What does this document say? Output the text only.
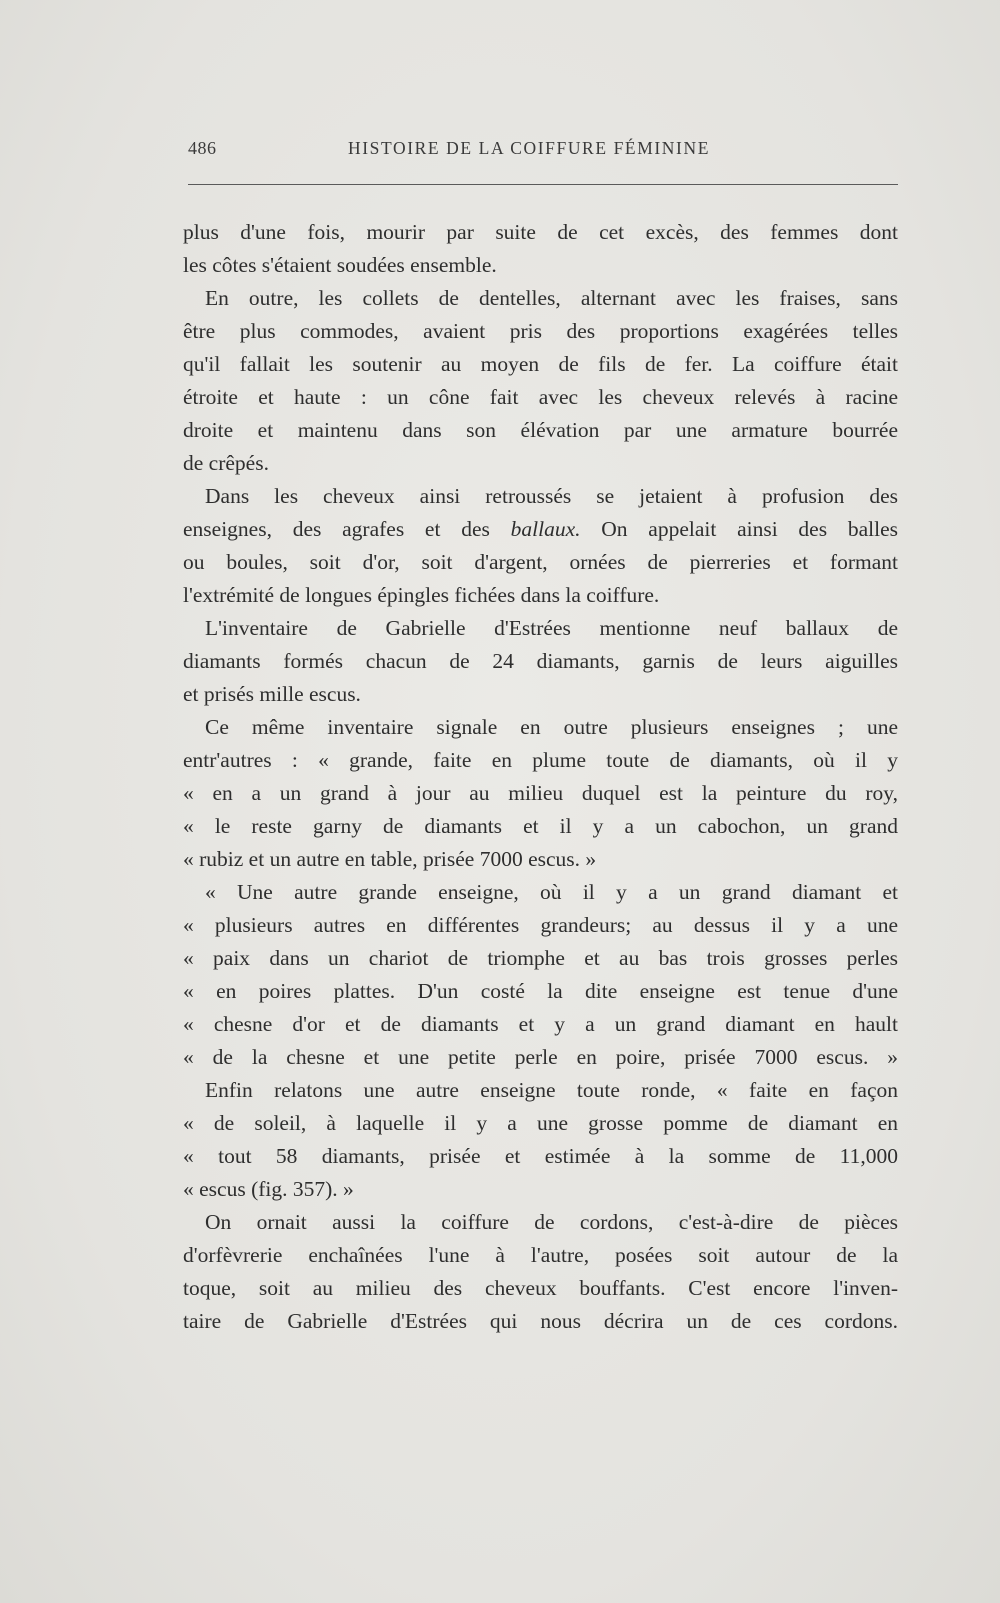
486	HISTOIRE DE LA COIFFURE FÉMININE
plus d'une fois, mourir par suite de cet excès, des femmes dont
les côtes s'étaient soudées ensemble.
En outre, les collets de dentelles, alternant avec les fraises, sans
être plus commodes, avaient pris des proportions exagérées telles
qu'il fallait les soutenir au moyen de fils de fer. La coiffure était
étroite et haute : un cône fait avec les cheveux relevés à racine
droite et maintenu dans son élévation par une armature bourrée
de crêpés.
Dans les cheveux ainsi retroussés se jetaient à profusion des
enseignes, des agrafes et des ballaux. On appelait ainsi des balles
ou boules, soit d'or, soit d'argent, ornées de pierreries et formant
l'extrémité de longues épingles fichées dans la coiffure.
L'inventaire de Gabrielle d'Estrées mentionne neuf ballaux de
diamants formés chacun de 24 diamants, garnis de leurs aiguilles
et prisés mille escus.
Ce même inventaire signale en outre plusieurs enseignes ; une
entr'autres : « grande, faite en plume toute de diamants, où il y
« en a un grand à jour au milieu duquel est la peinture du roy,
« le reste garny de diamants et il y a un cabochon, un grand
« rubiz et un autre en table, prisée 7000 escus. »
« Une autre grande enseigne, où il y a un grand diamant et
« plusieurs autres en différentes grandeurs; au dessus il y a une
« paix dans un chariot de triomphe et au bas trois grosses perles
« en poires plattes. D'un costé la dite enseigne est tenue d'une
« chesne d'or et de diamants et y a un grand diamant en hault
« de la chesne et une petite perle en poire, prisée 7000 escus. »
Enfin relatons une autre enseigne toute ronde, « faite en façon
« de soleil, à laquelle il y a une grosse pomme de diamant en
« tout 58 diamants, prisée et estimée à la somme de 11,000
« escus (fig. 357). »
On ornait aussi la coiffure de cordons, c'est-à-dire de pièces
d'orfèvrerie enchaînées l'une à l'autre, posées soit autour de la
toque, soit au milieu des cheveux bouffants. C'est encore l'inven-
taire de Gabrielle d'Estrées qui nous décrira un de ces cordons.
